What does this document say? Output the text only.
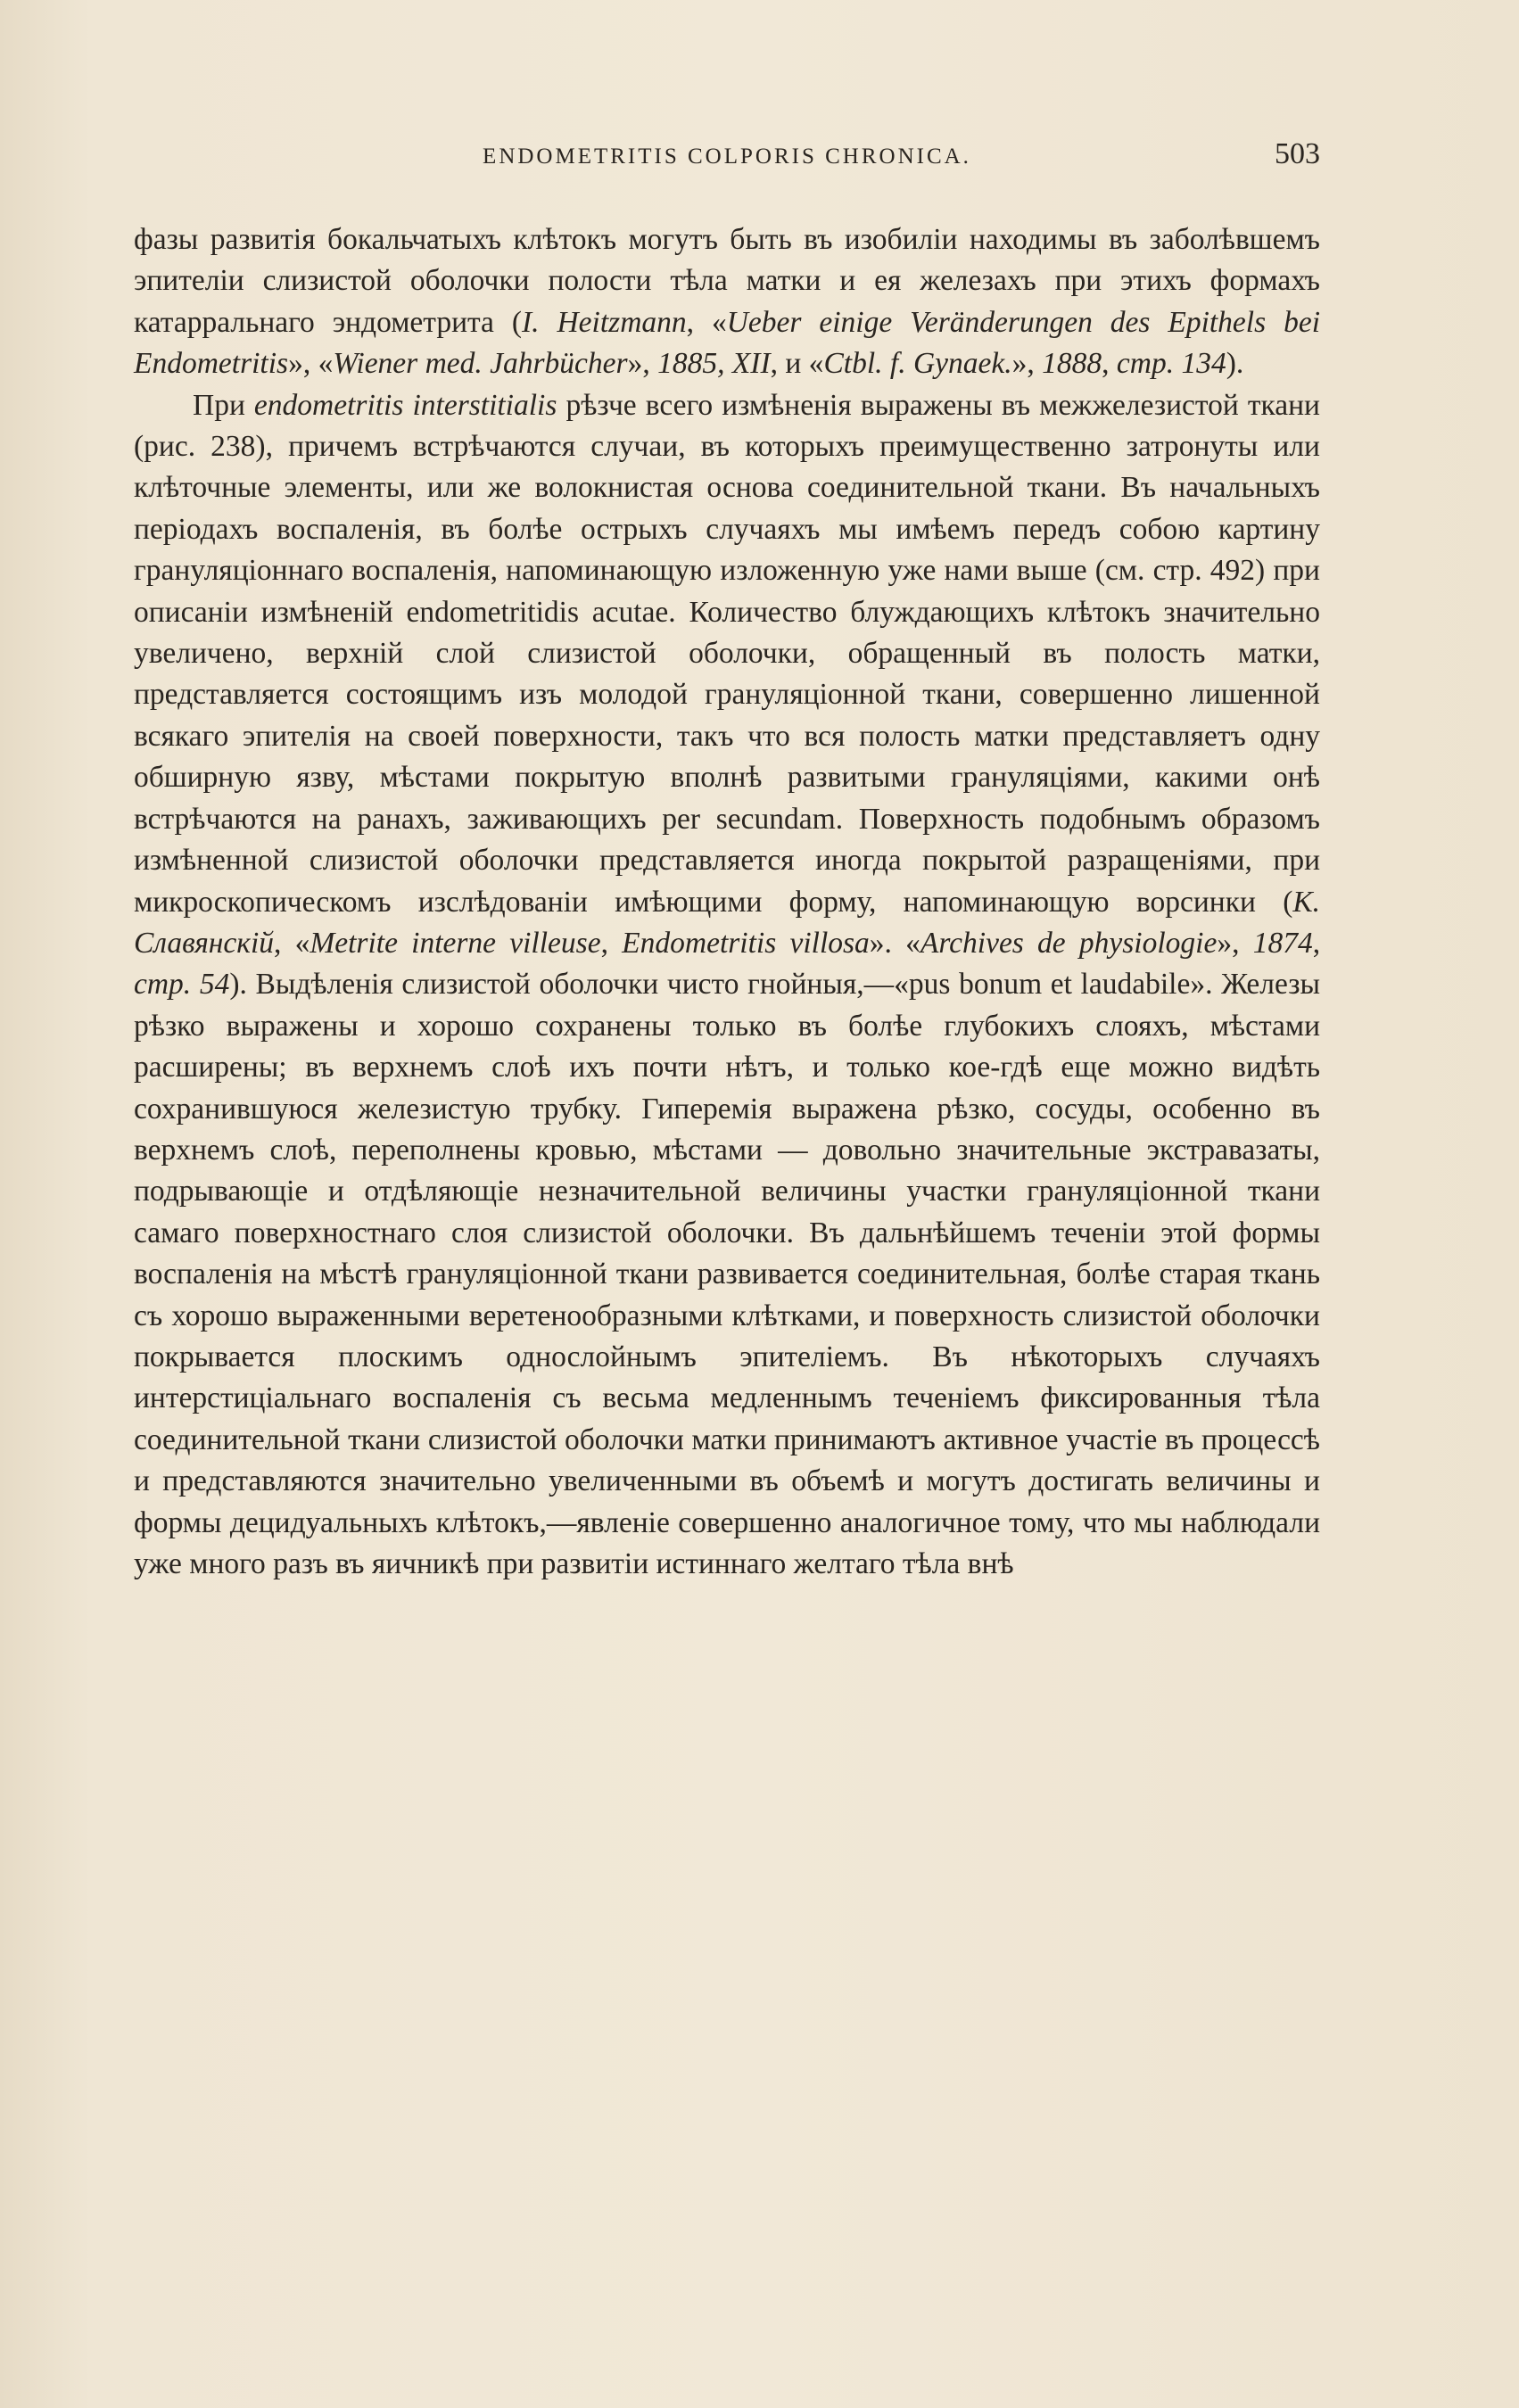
ENDOMETRITIS COLPORIS CHRONICA.	503

фазы развитія бокальчатыхъ клѣтокъ могутъ быть въ изобиліи находимы въ заболѣвшемъ эпителіи слизистой оболочки полости тѣла матки и ея железахъ при этихъ формахъ катарральнаго эндометрита (I. Heitzmann, «Ueber einige Veränderungen des Epithels bei Endometritis», «Wiener med. Jahrbücher», 1885, XII, и «Ctbl. f. Gynaek.», 1888, стр. 134).

При endometritis interstitialis рѣзче всего измѣненія выражены въ межжелезистой ткани (рис. 238), причемъ встрѣчаются случаи, въ которыхъ преимущественно затронуты или клѣточные элементы, или же волокнистая основа соединительной ткани. Въ начальныхъ періодахъ воспаленія, въ болѣе острыхъ случаяхъ мы имѣемъ передъ собою картину грануляціоннаго воспаленія, напоминающую изложенную уже нами выше (см. стр. 492) при описаніи измѣненій endometritidis acutae. Количество блуждающихъ клѣтокъ значительно увеличено, верхній слой слизистой оболочки, обращенный въ полость матки, представляется состоящимъ изъ молодой грануляціонной ткани, совершенно лишенной всякаго эпителія на своей поверхности, такъ что вся полость матки представляетъ одну обширную язву, мѣстами покрытую вполнѣ развитыми грануляціями, какими онѣ встрѣчаются на ранахъ, заживающихъ per secundam. Поверхность подобнымъ образомъ измѣненной слизистой оболочки представляется иногда покрытой разращеніями, при микроскопическомъ изслѣдованіи имѣющими форму, напоминающую ворсинки (К. Славянскій, «Metrite interne villeuse, Endometritis villosa». «Archives de physiologie», 1874, стр. 54). Выдѣленія слизистой оболочки чисто гнойныя,—«pus bonum et laudabile». Железы рѣзко выражены и хорошо сохранены только въ болѣе глубокихъ слояхъ, мѣстами расширены; въ верхнемъ слоѣ ихъ почти нѣтъ, и только кое-гдѣ еще можно видѣть сохранившуюся железистую трубку. Гиперемія выражена рѣзко, сосуды, особенно въ верхнемъ слоѣ, переполнены кровью, мѣстами — довольно значительные экстравазаты, подрывающіе и отдѣляющіе незначительной величины участки грануляціонной ткани самаго поверхностнаго слоя слизистой оболочки. Въ дальнѣйшемъ теченіи этой формы воспаленія на мѣстѣ грануляціонной ткани развивается соединительная, болѣе старая ткань съ хорошо выраженными веретенообразными клѣтками, и поверхность слизистой оболочки покрывается плоскимъ однослойнымъ эпителіемъ. Въ нѣкоторыхъ случаяхъ интерстиціальнаго воспаленія съ весьма медленнымъ теченіемъ фиксированныя тѣла соединительной ткани слизистой оболочки матки принимаютъ активное участіе въ процессѣ и представляются значительно увеличенными въ объемѣ и могутъ достигать величины и формы децидуальныхъ клѣтокъ,—явленіе совершенно аналогичное тому, что мы наблюдали уже много разъ въ яичникѣ при развитіи истиннаго желтаго тѣла внѣ
